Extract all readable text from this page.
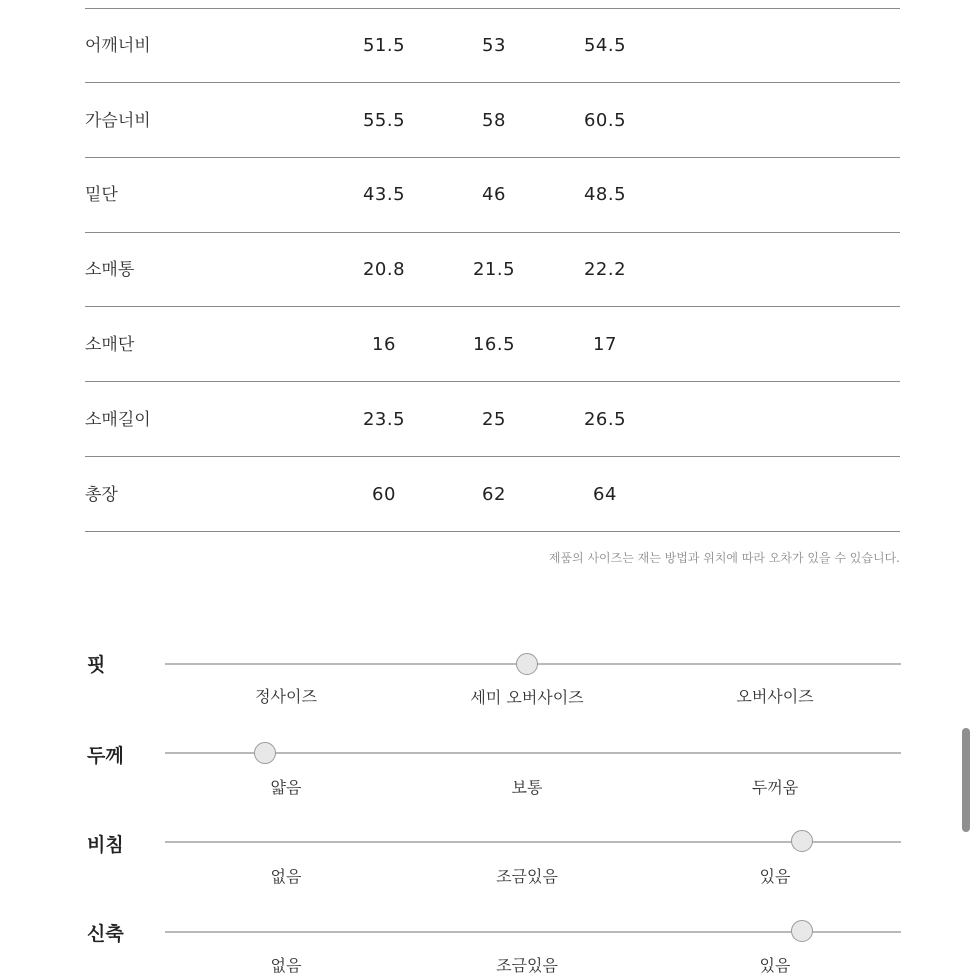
어깨너비	51.5	53	54.5
가슴너비	55.5	58	60.5
밑단	43.5	46	48.5
소매통	20.8	21.5	22.2
소매단	16	16.5	17
소매길이	23.5	25	26.5
총장	60	62	64
제품의 사이즈는 재는 방법과 위치에 따라 오차가 있을 수 있습니다.
핏
정사이즈	세미 오버사이즈	오버사이즈
두께
얇음	보통	두꺼움
비침
없음	조금있음	있음
신축
없음	조금있음	있음
